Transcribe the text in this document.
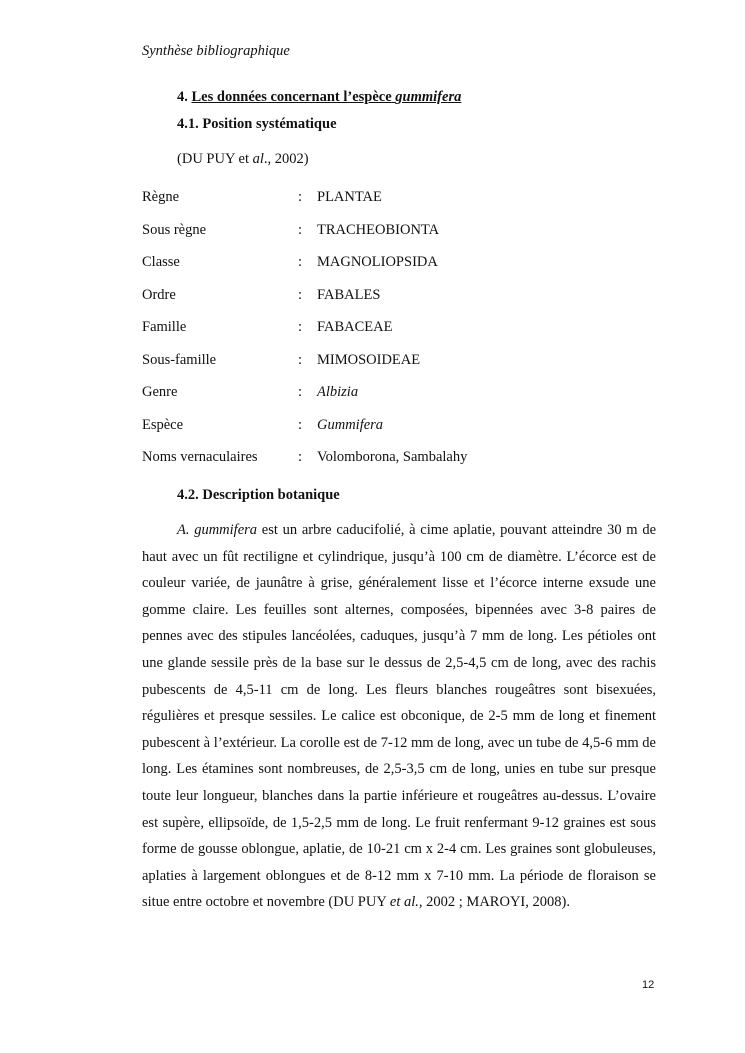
Synthèse bibliographique
4. Les données concernant l’espèce gummifera
4.1. Position systématique
(DU PUY et al., 2002)
Règne	: PLANTAE
Sous règne	: TRACHEOBIONTA
Classe	: MAGNOLIOPSIDA
Ordre	: FABALES
Famille	: FABACEAE
Sous-famille	: MIMOSOIDEAE
Genre	: Albizia
Espèce	: Gummifera
Noms vernaculaires	: Volomborona, Sambalahy
4.2. Description botanique

A. gummifera est un arbre caducifolié, à cime aplatie, pouvant atteindre 30 m de haut avec un fût rectiligne et cylindrique, jusqu’à 100 cm de diamètre. L’écorce est de couleur variée, de jaunâtre à grise, généralement lisse et l’écorce interne exsude une gomme claire. Les feuilles sont alternes, composées, bipennées avec 3-8 paires de pennes avec des stipules lancéolées, caduques, jusqu’à 7 mm de long. Les pétioles ont une glande sessile près de la base sur le dessus de 2,5-4,5 cm de long, avec des rachis pubescents de 4,5-11 cm de long. Les fleurs blanches rougeâtres sont bisexuées, régulières et presque sessiles. Le calice est obconique, de 2-5 mm de long et finement pubescent à l’extérieur. La corolle est de 7-12 mm de long, avec un tube de 4,5-6 mm de long. Les étamines sont nombreuses, de 2,5-3,5 cm de long, unies en tube sur presque toute leur longueur, blanches dans la partie inférieure et rougeâtres au-dessus. L’ovaire est supère, ellipsoïde, de 1,5-2,5 mm de long. Le fruit renfermant 9-12 graines est sous forme de gousse oblongue, aplatie, de 10-21 cm x 2-4 cm. Les graines sont globuleuses, aplaties à largement oblongues et de 8-12 mm x 7-10 mm. La période de floraison se situe entre octobre et novembre (DU PUY et al., 2002 ; MAROYI, 2008).

12
